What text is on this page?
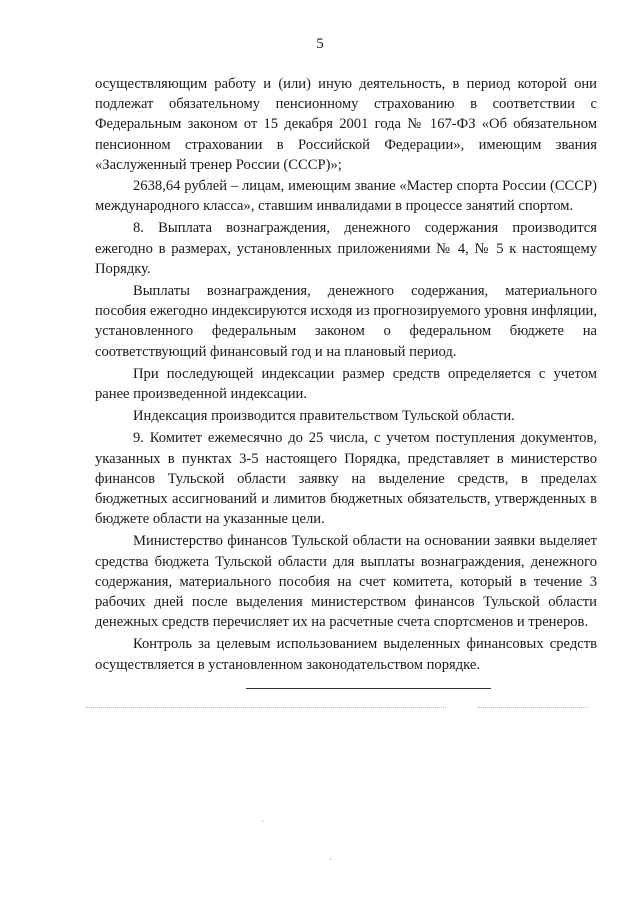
5

осуществляющим работу и (или) иную деятельность, в период которой они подлежат обязательному пенсионному страхованию в соответствии с Федеральным законом от 15 декабря 2001 года № 167-ФЗ «Об обязательном пенсионном страховании в Российской Федерации», имеющим звания «Заслуженный тренер России (СССР)»;

2638,64 рублей – лицам, имеющим звание «Мастер спорта России (СССР) международного класса», ставшим инвалидами в процессе занятий спортом.

8. Выплата вознаграждения, денежного содержания производится ежегодно в размерах, установленных приложениями № 4, № 5 к настоящему Порядку.

Выплаты вознаграждения, денежного содержания, материального пособия ежегодно индексируются исходя из прогнозируемого уровня инфляции, установленного федеральным законом о федеральном бюджете на соответствующий финансовый год и на плановый период.

При последующей индексации размер средств определяется с учетом ранее произведенной индексации.

Индексация производится правительством Тульской области.

9. Комитет ежемесячно до 25 числа, с учетом поступления документов, указанных в пунктах 3-5 настоящего Порядка, представляет в министерство финансов Тульской области заявку на выделение средств, в пределах бюджетных ассигнований и лимитов бюджетных обязательств, утвержденных в бюджете области на указанные цели.

Министерство финансов Тульской области на основании заявки выделяет средства бюджета Тульской области для выплаты вознаграждения, денежного содержания, материального пособия на счет комитета, который в течение 3 рабочих дней после выделения министерством финансов Тульской области денежных средств перечисляет их на расчетные счета спортсменов и тренеров.

Контроль за целевым использованием выделенных финансовых средств осуществляется в установленном законодательством порядке.
